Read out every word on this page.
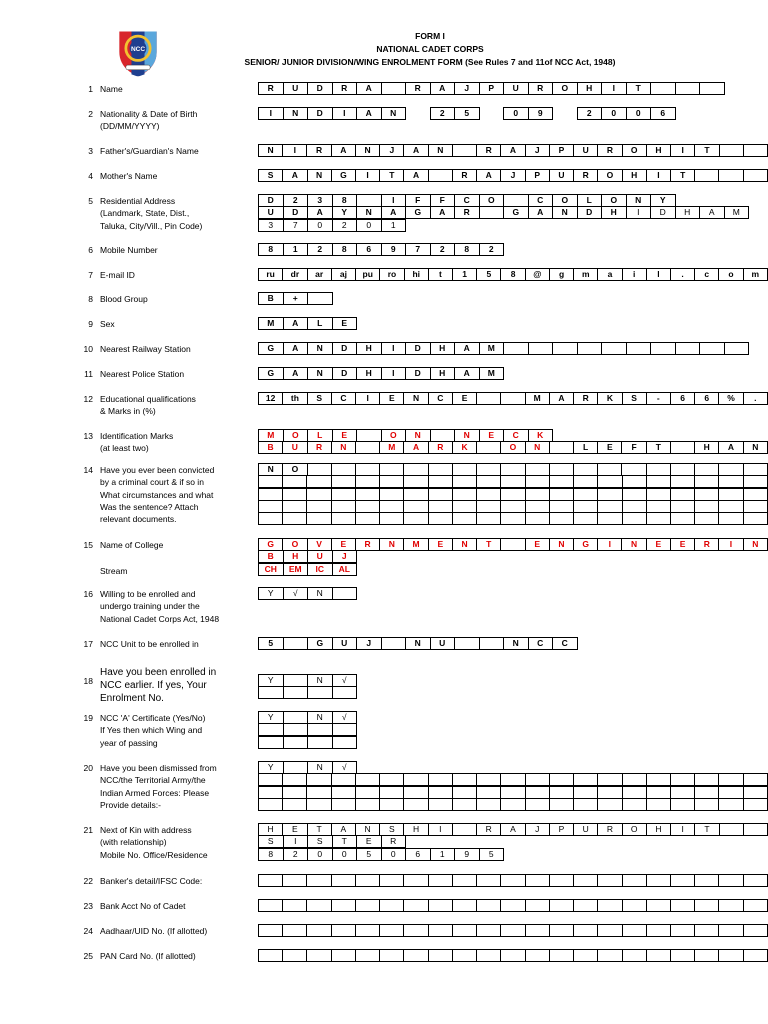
NCC
FORM I
NATIONAL CADET CORPS
SENIOR/ JUNIOR DIVISION/WING ENROLMENT FORM (See Rules 7 and 11of NCC Act, 1948)
1 Name	R	U	D	R	A		R	A	J	P	U	R	O	H	I	T			
2 Nationality & Date of Birth
(DD/MM/YYYY)
I	N	D	I	A	N		2	5		0	9		2	0	0	6
3 Father's/Guardian's Name	N	I	R	A	N	J	A	N		R	A	J	P	U	R	O	H	I	T		
4 Mother's Name	S	A	N	G	I	T	A		R	A	J	P	U	R	O	H	I	T			
5 Residential Address
(Landmark, State, Dist.,
Taluka, City/Vill., Pin Code)
D	2	3	8		I	F	F	C	O		C	O	L	O	N	Y
U	D	A	Y	N	A	G	A	R		G	A	N	D	H	I	D	H	A	M
3	7	0	2	0	1
6 Mobile Number	8	1	2	8	6	9	7	2	8	2
7 E-mail ID	ru	dr	ar	aj	pu	ro	hi	t	1	5	8	@	g	m	a	i	l	.	c	o	m
8 Blood Group	B	+	
9 Sex	M	A	L	E
10 Nearest Railway Station	G	A	N	D	H	I	D	H	A	M										
11 Nearest Police Station	G	A	N	D	H	I	D	H	A	M
12 Educational qualifications
& Marks in (%)
12	th	S	C	I	E	N	C	E			M	A	R	K	S	-	6	6	%	.
13 Identification Marks
(at least two)
M	O	L	E		O	N		N	E	C	K
B	U	R	N		M	A	R	K		O	N		L	E	F	T		H	A	N
14 Have you ever been convicted
by a criminal court & if so in
What circumstances and what
Was the sentence? Attach
relevant documents.
N	O																			

15 Name of College	G	O	V	E	R	N	M	E	N	T		E	N	G	I	N	E	E	R	I	N
B	H	U	J
CH	EM	IC	AL
Stream
16 Willing to be enrolled and
undergo training under the
National Cadet Corps Act, 1948
Y	√	N	
17 NCC Unit to be enrolled in	5		G	U	J		N	U			N	C	C
18
Have you been enrolled in
NCC earlier. If yes, Your
Enrolment No.
Y		N	√

19 NCC 'A' Certificate (Yes/No)
If Yes then which Wing and
year of passing
Y		N	√

20 Have you been dismissed from
NCC/the Territorial Army/the
Indian Armed Forces: Please
Provide details:-
Y		N	√

21 Next of Kin with address
(with relationship)
Mobile No. Office/Residence
H	E	T	A	N	S	H	I		R	A	J	P	U	R	O	H	I	T		
S	I	S	T	E	R
8	2	0	0	5	0	6	1	9	5
22 Banker's detail/IFSC Code:

23 Bank Acct No of Cadet

24 Aadhaar/UID No. (If allotted)

25 PAN Card No. (If allotted)
